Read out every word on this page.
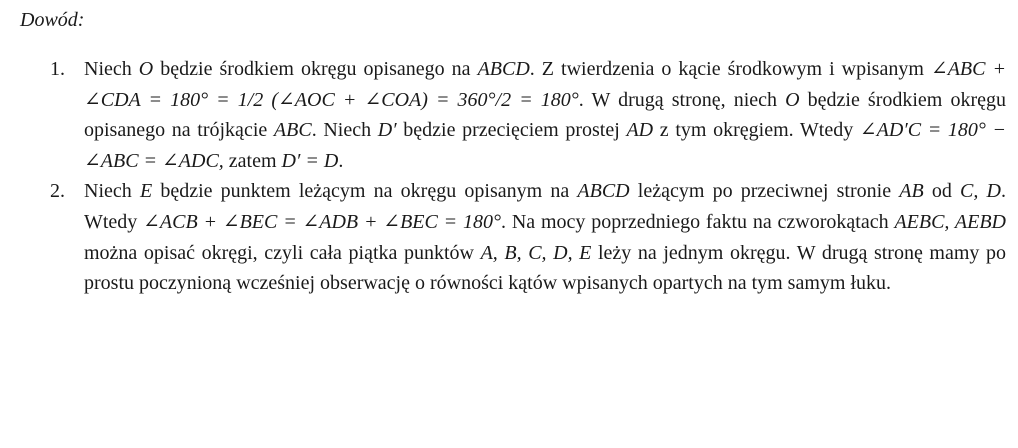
Dowód:
1. Niech O będzie środkiem okręgu opisanego na ABCD. Z twierdzenia o kącie środkowym i wpisanym ∠ABC + ∠CDA = 180° = 1/2 (∠AOC + ∠COA) = 360°/2 = 180°. W drugą stronę, niech O będzie środkiem okręgu opisanego na trójkącie ABC. Niech D′ będzie przecięciem prostej AD z tym okręgiem. Wtedy ∠AD′C = 180° − ∠ABC = ∠ADC, zatem D′ = D.

2. Niech E będzie punktem leżącym na okręgu opisanym na ABCD leżącym po przeciwnej stronie AB od C, D. Wtedy ∠ACB + ∠BEC = ∠ADB + ∠BEC = 180°. Na mocy poprzedniego faktu na czworokątach AEBC, AEBD można opisać okręgi, czyli cała piątka punktów A, B, C, D, E leży na jednym okręgu. W drugą stronę mamy po prostu poczynioną wcześniej obserwację o równości kątów wpisanych opartych na tym samym łuku.
